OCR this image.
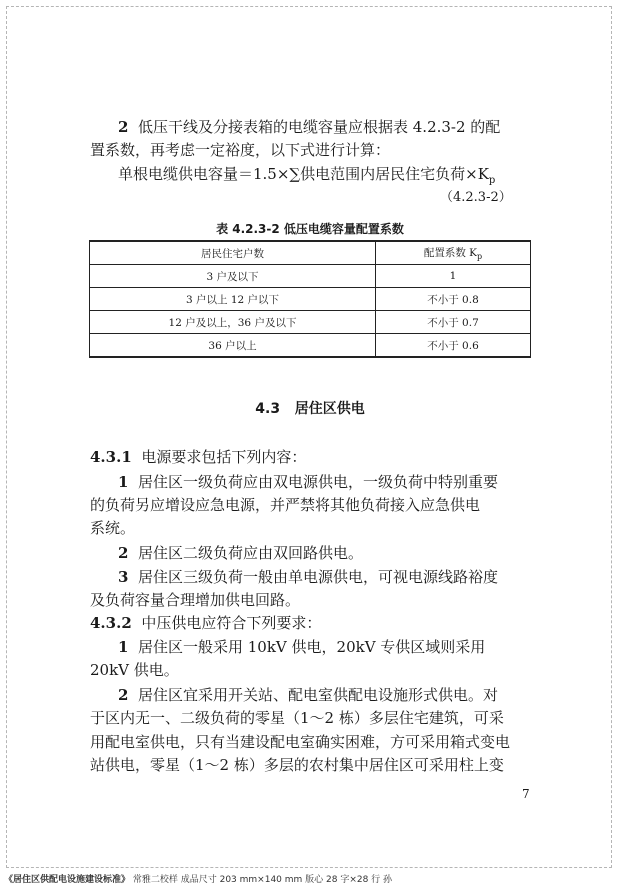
2 低压干线及分接表箱的电缆容量应根据表 4.2.3-2 的配
置系数，再考虑一定裕度，以下式进行计算：
单根电缆供电容量＝1.5×∑供电范围内居民住宅负荷$\times K_p$
（4.2.3-2）
表 4.2.3-2 低压电缆容量配置系数
居民住宅户数	配置系数 $K_p$
3 户及以下	1
3 户以上 12 户以下	不小于 0.8
12 户及以上，36 户及以下	不小于 0.7
36 户以上	不小于 0.6
4.3 居住区供电
4.3.1 电源要求包括下列内容：
1 居住区一级负荷应由双电源供电，一级负荷中特别重要
的负荷另应增设应急电源，并严禁将其他负荷接入应急供电
系统。
2 居住区二级负荷应由双回路供电。
3 居住区三级负荷一般由单电源供电，可视电源线路裕度
及负荷容量合理增加供电回路。
4.3.2 中压供电应符合下列要求：
1 居住区一般采用 10kV 供电，20kV 专供区域则采用
20kV 供电。
2 居住区宜采用开关站、配电室供配电设施形式供电。对
于区内无一、二级负荷的零星（1～2 栋）多层住宅建筑，可采
用配电室供电，只有当建设配电室确实困难，方可采用箱式变电
站供电，零星（1～2 栋）多层的农村集中居住区可采用柱上变
7
《居住区供配电设施建设标准》 常雅二校样 成品尺寸 203 mm×140 mm 版心 28 字×28 行 孙
